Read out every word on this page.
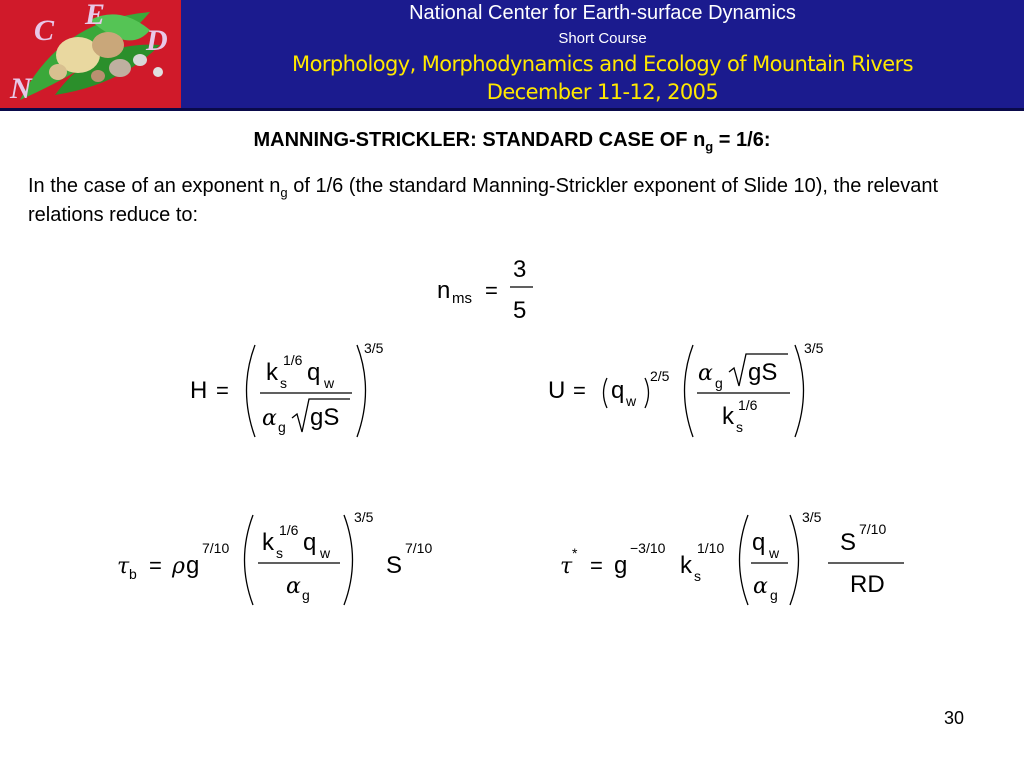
C E
D
N
National Center for Earth-surface Dynamics
Short Course
Morphology, Morphodynamics and Ecology of Mountain Rivers
December 11-12, 2005
MANNING-STRICKLER: STANDARD CASE OF $n_g = 1/6$:
In the case of an exponent $n_g$ of 1/6 (the standard Manning-Strickler exponent of Slide 10), the relevant relations reduce to:
n ms =
3
5
H =
k s
1/6 q w
α g gS
3/5
U = q w
2/5 α g gS
k s
1/6
3/5
τ b = ρ g
7/10 k s
1/6 q w
α g
3/5
S
7/10
τ
* = g
−3/10
k s
1/10 q w
α g
3/5
S 7/10
RD
30
